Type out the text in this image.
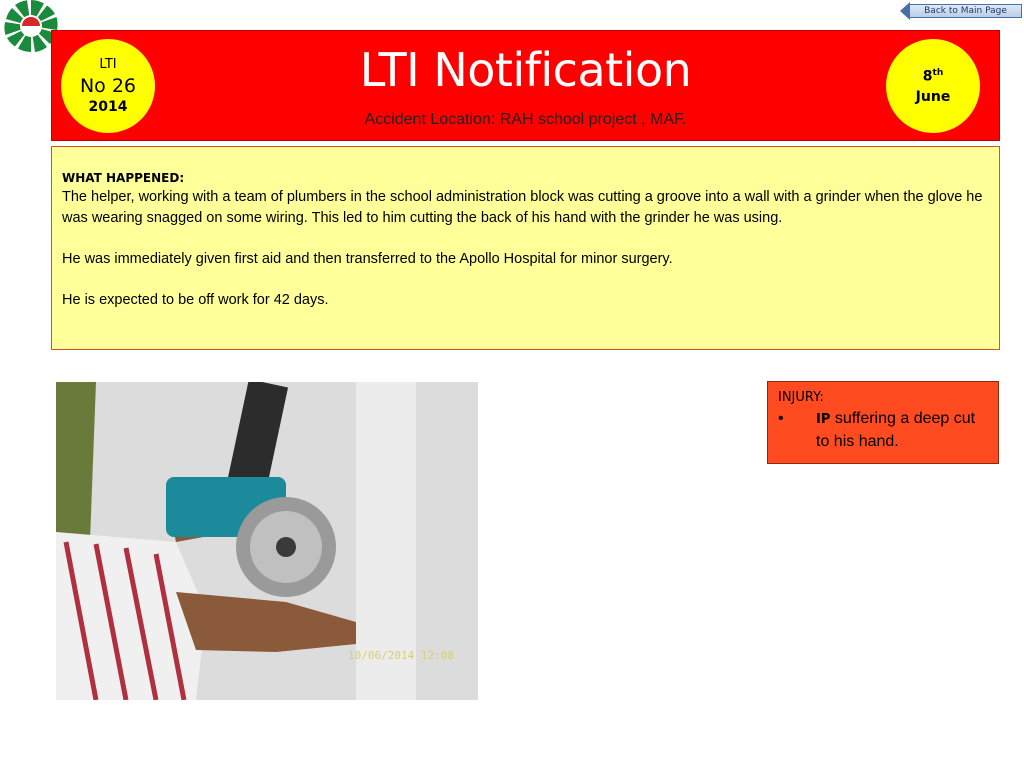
Back to Main Page
LTI
No 26
2014
LTI Notification
Accident Location: RAH school project , MAF.
8th
June
WHAT HAPPENED:

The helper, working with a team of plumbers in the school administration block was cutting a groove into a wall with a grinder when the glove he was wearing snagged on some wiring. This led to him cutting the back of his hand with the grinder he was using.

He was immediately given first aid and then transferred to the Apollo Hospital for minor surgery.

He is expected to be off work for 42 days.

10/06/2014 12:08
INJURY:
•	IP suffering a deep cut to his hand.
